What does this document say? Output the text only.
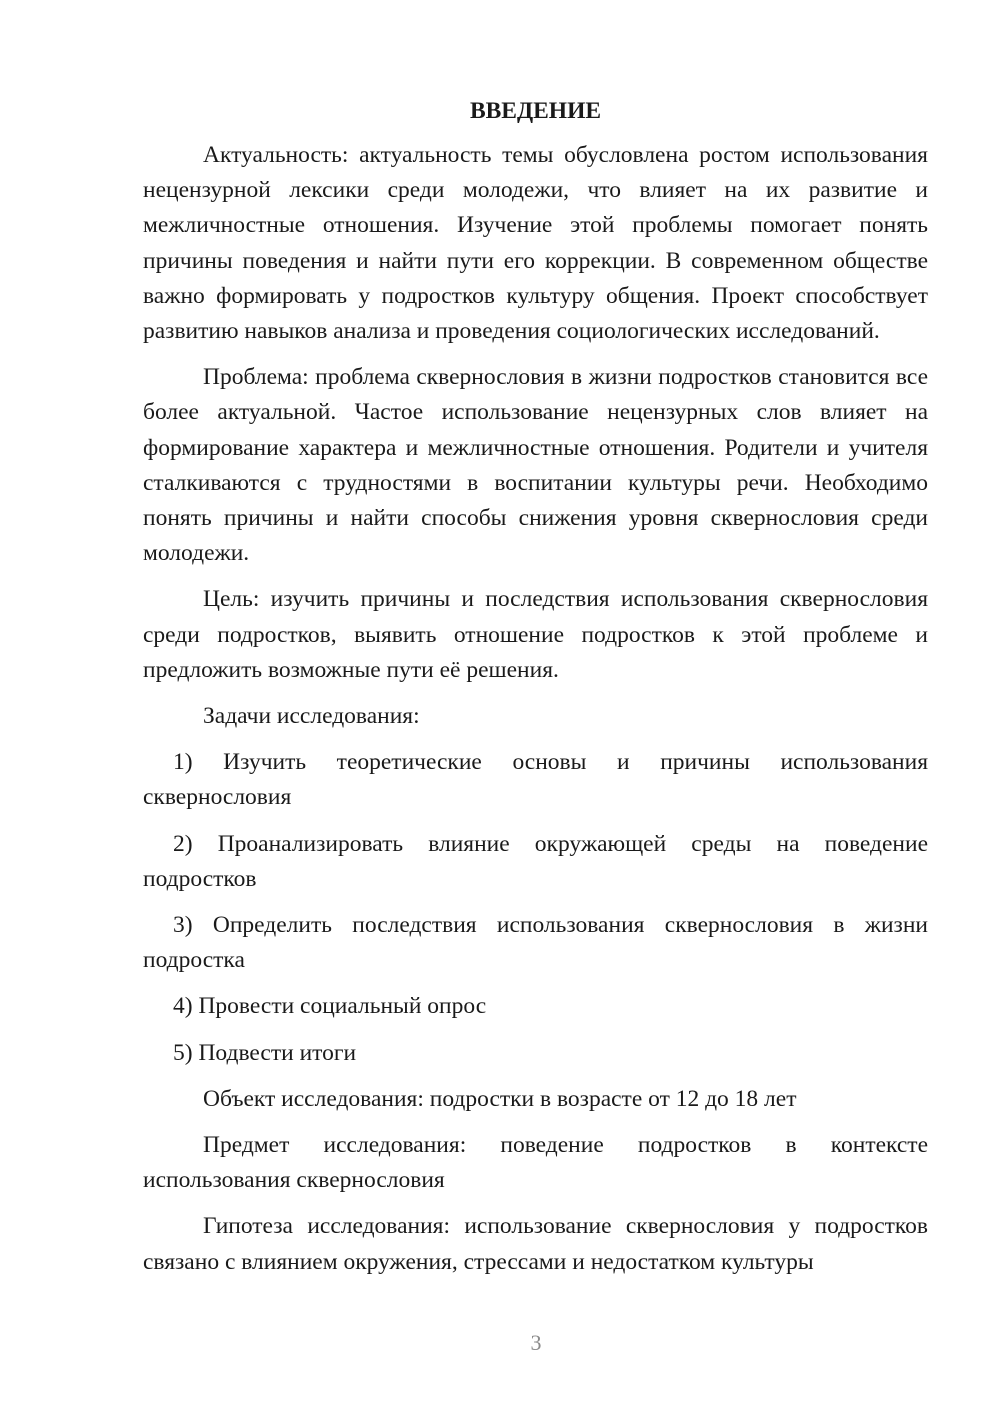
ВВЕДЕНИЕ

Актуальность: актуальность темы обусловлена ростом использования нецензурной лексики среди молодежи, что влияет на их развитие и межличностные отношения. Изучение этой проблемы помогает понять причины поведения и найти пути его коррекции. В современном обществе важно формировать у подростков культуру общения. Проект способствует развитию навыков анализа и проведения социологических исследований.

Проблема: проблема сквернословия в жизни подростков становится все более актуальной. Частое использование нецензурных слов влияет на формирование характера и межличностные отношения. Родители и учителя сталкиваются с трудностями в воспитании культуры речи. Необходимо понять причины и найти способы снижения уровня сквернословия среди молодежи.

Цель: изучить причины и последствия использования сквернословия среди подростков, выявить отношение подростков к этой проблеме и предложить возможные пути её решения.

Задачи исследования:

1) Изучить теоретические основы и причины использования сквернословия

2) Проанализировать влияние окружающей среды на поведение подростков

3) Определить последствия использования сквернословия в жизни подростка

4) Провести социальный опрос

5) Подвести итоги

Объект исследования: подростки в возрасте от 12 до 18 лет

Предмет исследования: поведение подростков в контексте использования сквернословия

Гипотеза исследования: использование сквернословия у подростков связано с влиянием окружения, стрессами и недостатком культуры

3
